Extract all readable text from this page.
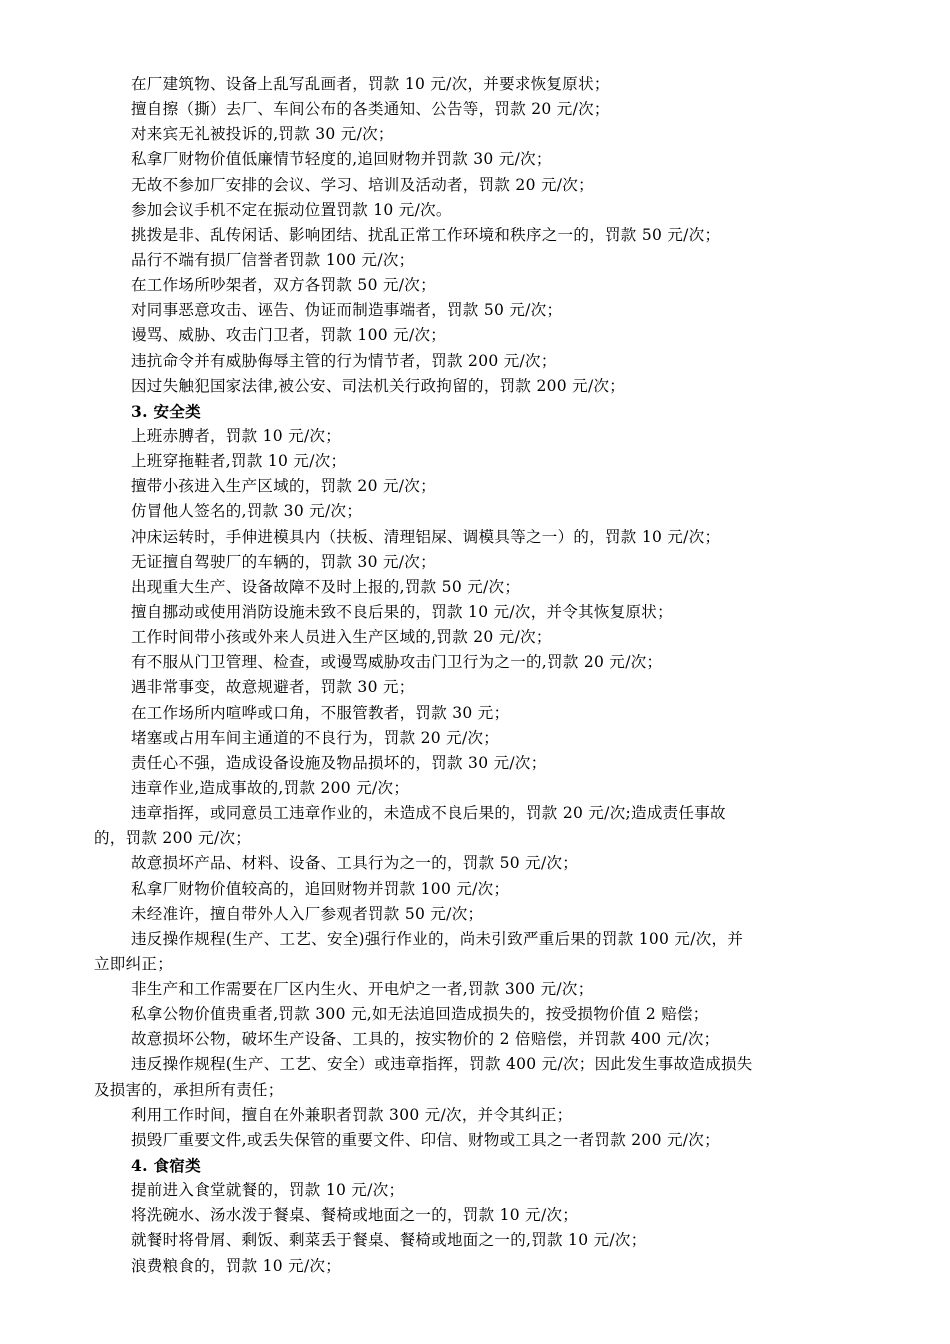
在厂建筑物、设备上乱写乱画者，罚款 10 元/次，并要求恢复原状；
擅自擦（撕）去厂、车间公布的各类通知、公告等，罚款 20 元/次；
对来宾无礼被投诉的,罚款 30 元/次；
私拿厂财物价值低廉情节轻度的,追回财物并罚款 30 元/次；
无故不参加厂安排的会议、学习、培训及活动者，罚款 20 元/次；
参加会议手机不定在振动位置罚款 10 元/次。
挑拨是非、乱传闲话、影响团结、扰乱正常工作环境和秩序之一的，罚款 50 元/次；
品行不端有损厂信誉者罚款 100 元/次；
在工作场所吵架者，双方各罚款 50 元/次；
对同事恶意攻击、诬告、伪证而制造事端者，罚款 50 元/次；
谩骂、威胁、攻击门卫者，罚款 100 元/次；
违抗命令并有威胁侮辱主管的行为情节者，罚款 200 元/次；
因过失触犯国家法律,被公安、司法机关行政拘留的，罚款 200 元/次；
3. 安全类
上班赤膊者，罚款 10 元/次；
上班穿拖鞋者,罚款 10 元/次；
擅带小孩进入生产区域的，罚款 20 元/次；
仿冒他人签名的,罚款 30 元/次；
冲床运转时，手伸进模具内（扶板、清理铝屎、调模具等之一）的，罚款 10 元/次；
无证擅自驾驶厂的车辆的，罚款 30 元/次；
出现重大生产、设备故障不及时上报的,罚款 50 元/次；
擅自挪动或使用消防设施未致不良后果的，罚款 10 元/次，并令其恢复原状；
工作时间带小孩或外来人员进入生产区域的,罚款 20 元/次；
有不服从门卫管理、检查，或谩骂威胁攻击门卫行为之一的,罚款 20 元/次；
遇非常事变，故意规避者，罚款 30 元；
在工作场所内喧哗或口角，不服管教者，罚款 30 元；
堵塞或占用车间主通道的不良行为，罚款 20 元/次；
责任心不强，造成设备设施及物品损坏的，罚款 30 元/次；
违章作业,造成事故的,罚款 200 元/次；
违章指挥，或同意员工违章作业的，未造成不良后果的，罚款 20 元/次;造成责任事故
的，罚款 200 元/次；
故意损坏产品、材料、设备、工具行为之一的，罚款 50 元/次；
私拿厂财物价值较高的，追回财物并罚款 100 元/次；
未经准许，擅自带外人入厂参观者罚款 50 元/次；
违反操作规程(生产、工艺、安全)强行作业的，尚未引致严重后果的罚款 100 元/次，并
立即纠正；
非生产和工作需要在厂区内生火、开电炉之一者,罚款 300 元/次；
私拿公物价值贵重者,罚款 300 元,如无法追回造成损失的，按受损物价值 2 赔偿；
故意损坏公物，破坏生产设备、工具的，按实物价的 2 倍赔偿，并罚款 400 元/次；
违反操作规程(生产、工艺、安全）或违章指挥，罚款 400 元/次；因此发生事故造成损失
及损害的，承担所有责任；
利用工作时间，擅自在外兼职者罚款 300 元/次，并令其纠正；
损毁厂重要文件,或丢失保管的重要文件、印信、财物或工具之一者罚款 200 元/次；
4. 食宿类
提前进入食堂就餐的，罚款 10 元/次；
将洗碗水、汤水泼于餐桌、餐椅或地面之一的，罚款 10 元/次；
就餐时将骨屑、剩饭、剩菜丢于餐桌、餐椅或地面之一的,罚款 10 元/次；
浪费粮食的，罚款 10 元/次；
